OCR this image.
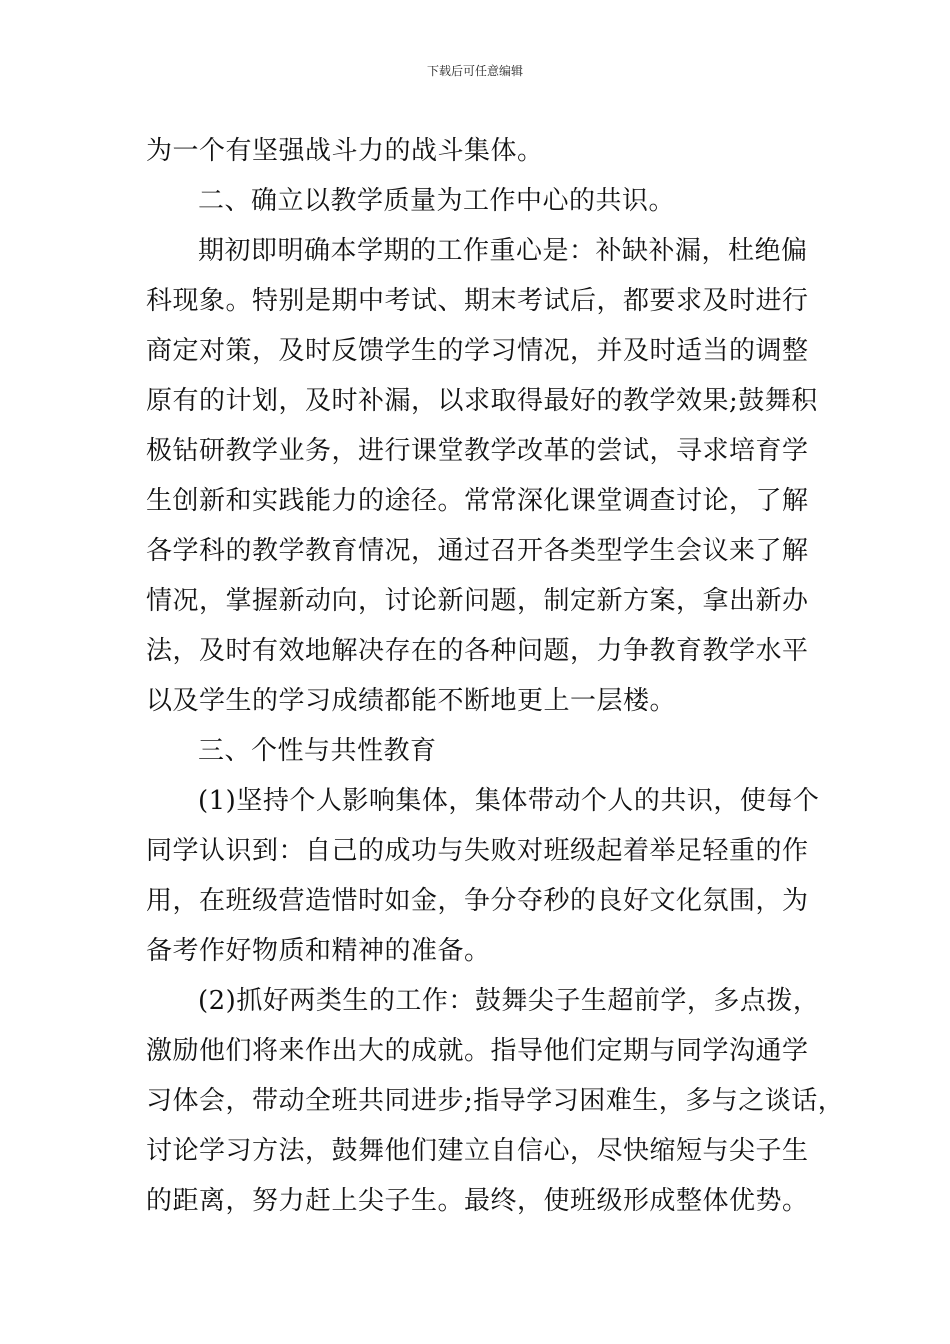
下载后可任意编辑
为一个有坚强战斗力的战斗集体。
二、确立以教学质量为工作中心的共识。
期初即明确本学期的工作重心是：补缺补漏，杜绝偏
科现象。特别是期中考试、期末考试后，都要求及时进行
商定对策，及时反馈学生的学习情况，并及时适当的调整
原有的计划，及时补漏，以求取得最好的教学效果;鼓舞积
极钻研教学业务，进行课堂教学改革的尝试，寻求培育学
生创新和实践能力的途径。常常深化课堂调查讨论，了解
各学科的教学教育情况，通过召开各类型学生会议来了解
情况，掌握新动向，讨论新问题，制定新方案，拿出新办
法，及时有效地解决存在的各种问题，力争教育教学水平
以及学生的学习成绩都能不断地更上一层楼。
三、个性与共性教育
(1)坚持个人影响集体，集体带动个人的共识，使每个
同学认识到：自己的成功与失败对班级起着举足轻重的作
用，在班级营造惜时如金，争分夺秒的良好文化氛围，为
备考作好物质和精神的准备。
(2)抓好两类生的工作：鼓舞尖子生超前学，多点拨，
激励他们将来作出大的成就。指导他们定期与同学沟通学
习体会，带动全班共同进步;指导学习困难生，多与之谈话，
讨论学习方法，鼓舞他们建立自信心，尽快缩短与尖子生
的距离，努力赶上尖子生。最终，使班级形成整体优势。
